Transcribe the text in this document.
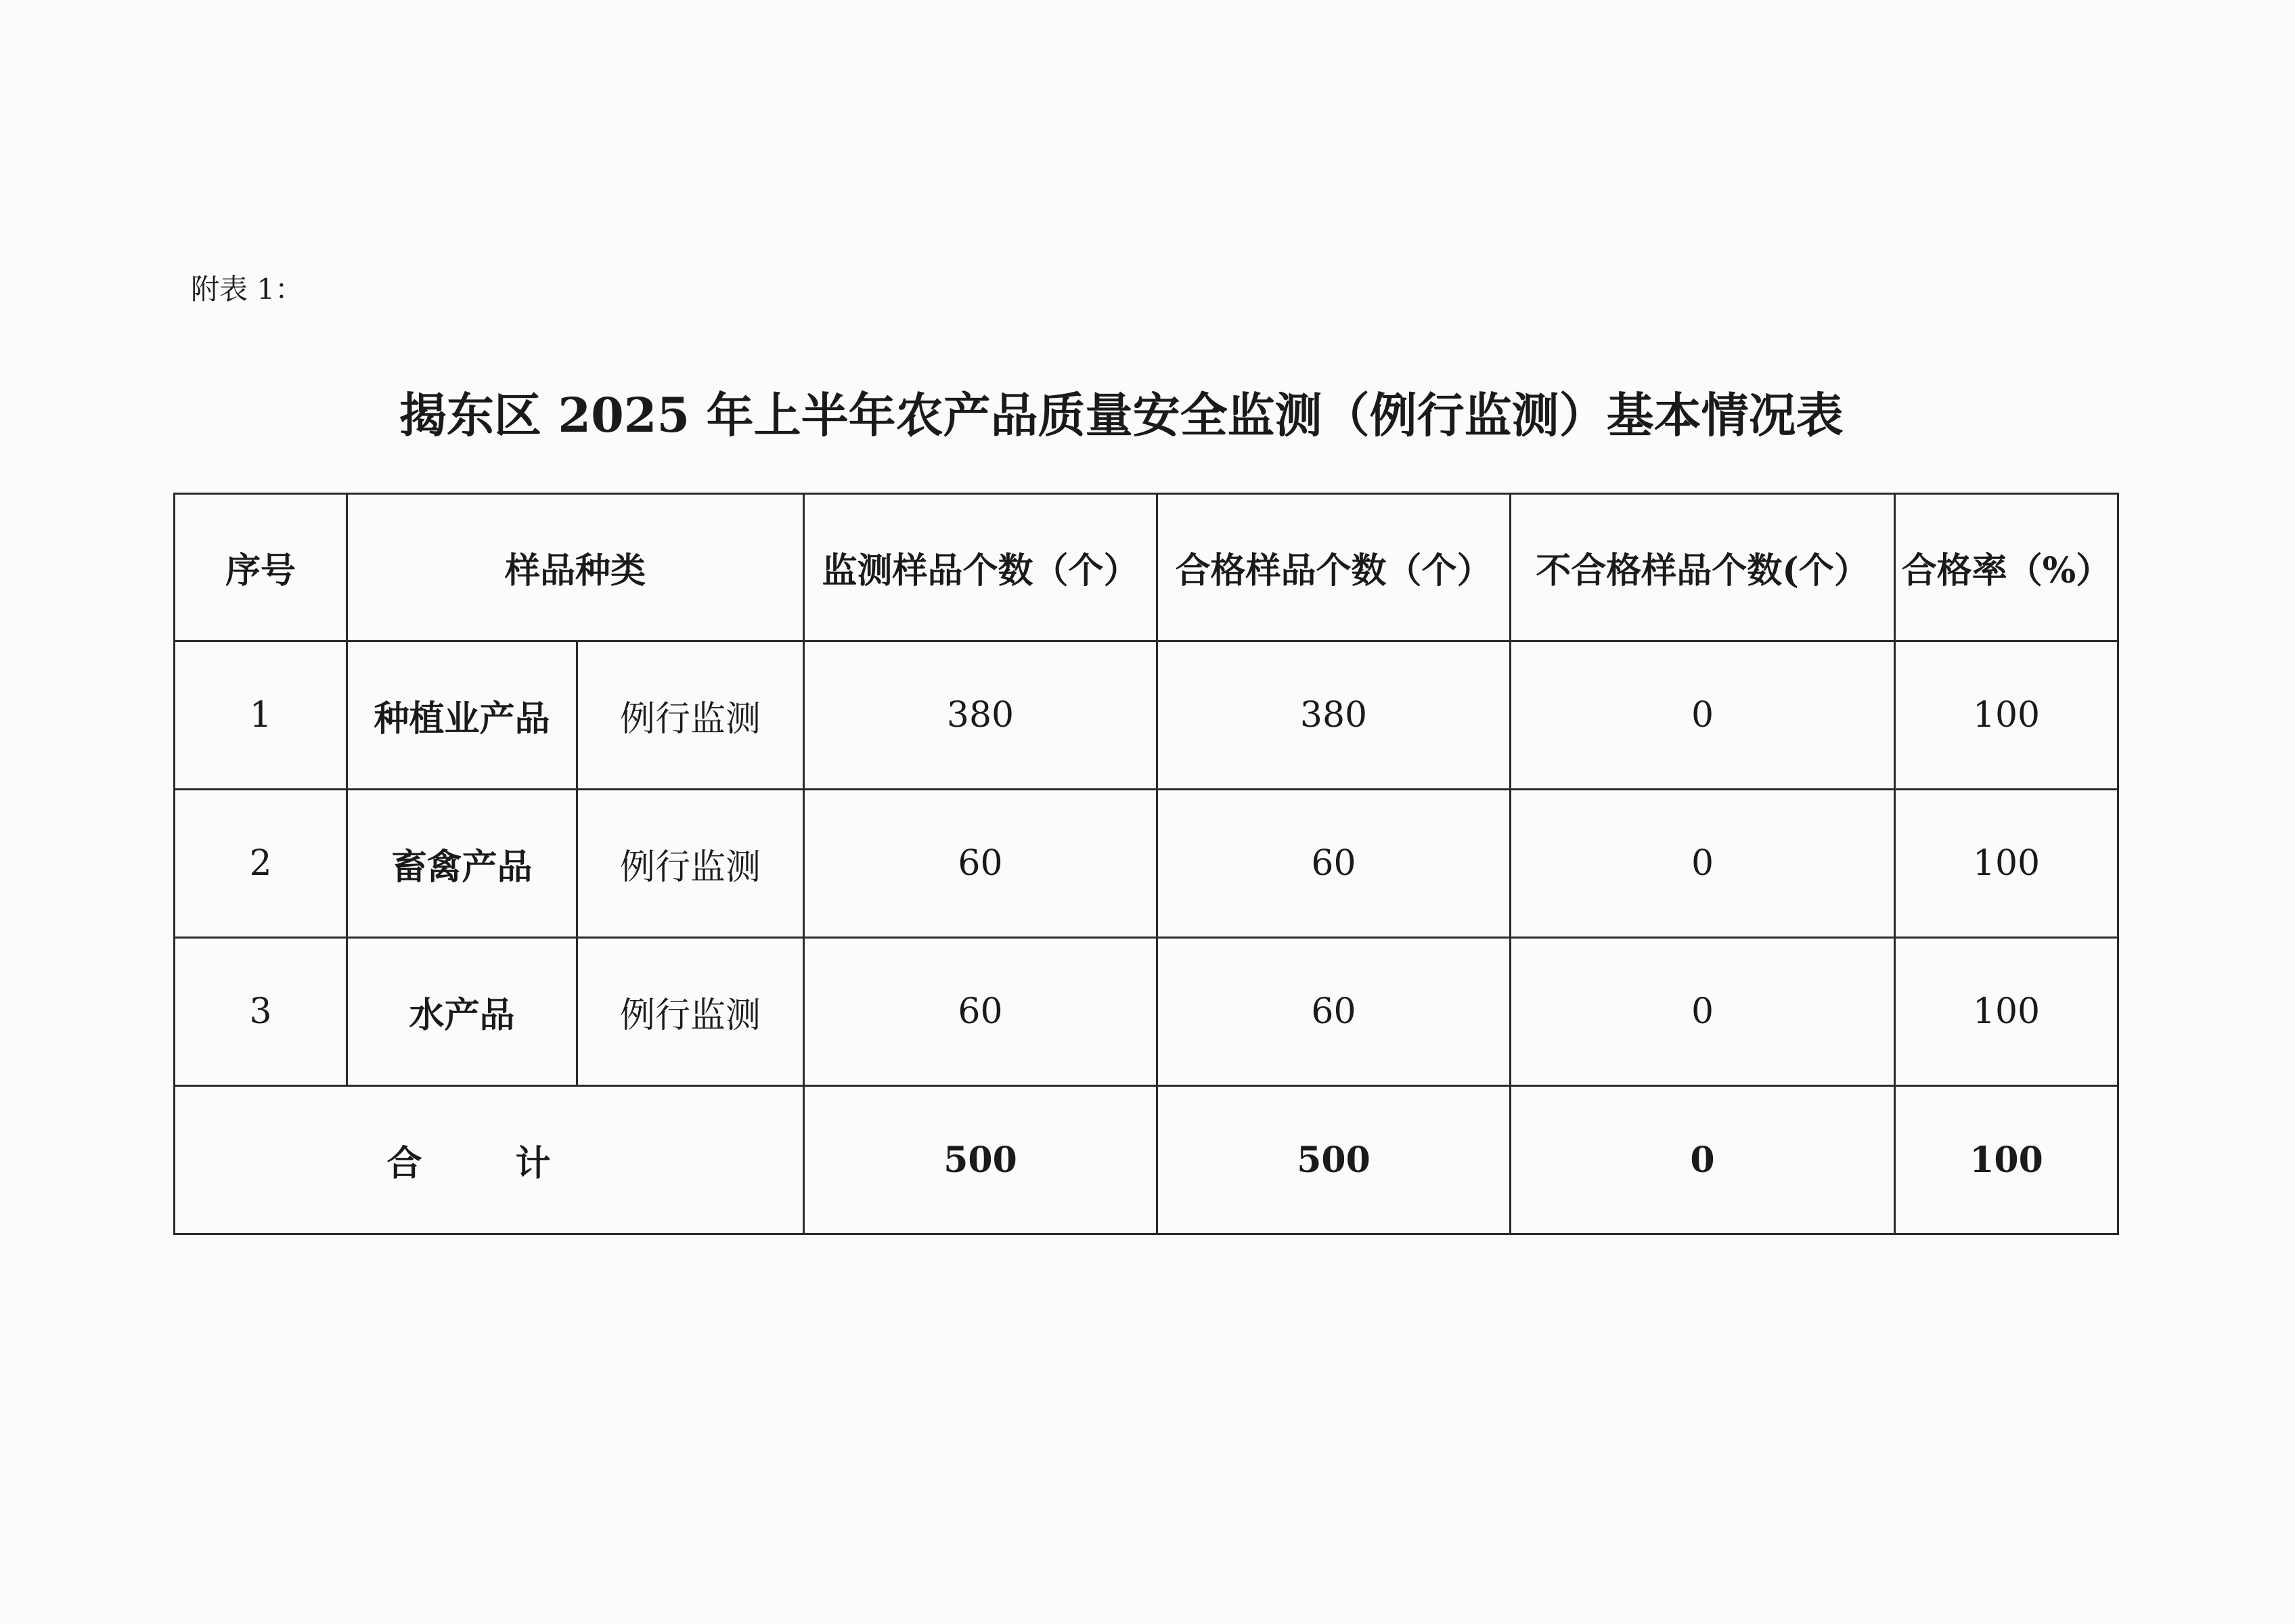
附表 1：
揭东区 2025 年上半年农产品质量安全监测（例行监测）基本情况表
序号	样品种类		监测样品个数（个）	合格样品个数（个）	不合格样品个数(个）	合格率（%）
1	种植业产品	例行监测	380	380	0	100
2	畜禽产品	例行监测	60	60	0	100
3	水产品	例行监测	60	60	0	100
合 计			500	500	0	100
